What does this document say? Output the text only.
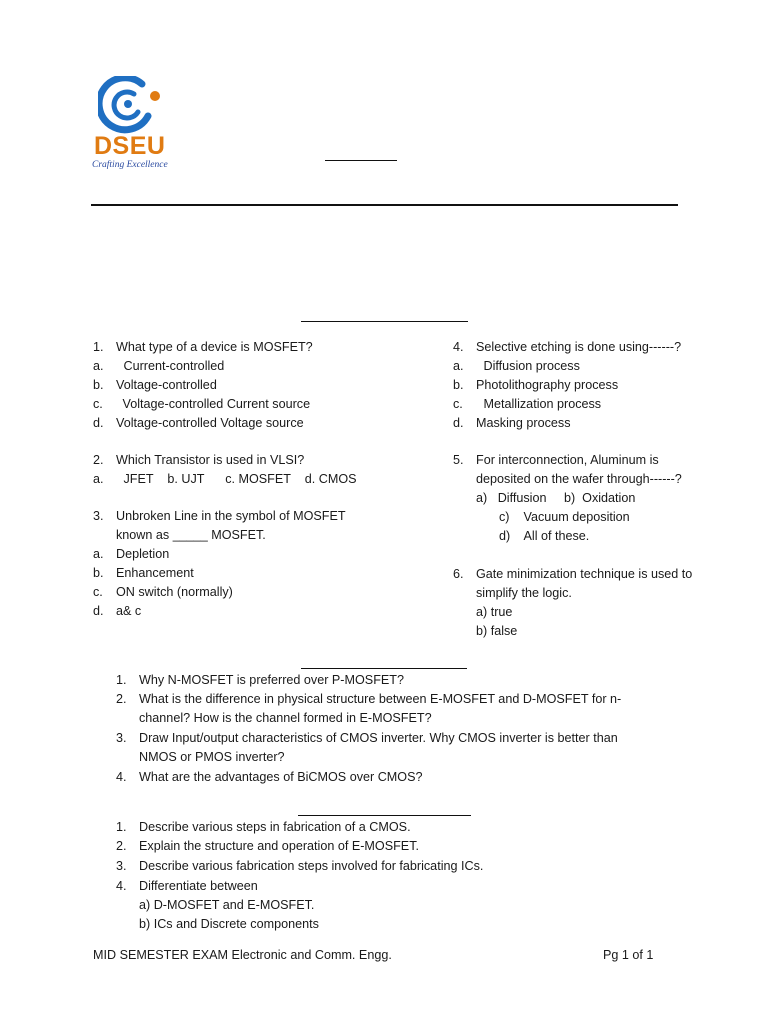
DSEU
Crafting Excellence
1. What type of a device is MOSFET?
a. Current-controlled
b. Voltage-controlled
c. Voltage-controlled Current source
d. Voltage-controlled Voltage source
2. Which Transistor is used in VLSI?
a. JFET    b. UJT      c. MOSFET    d. CMOS
3. Unbroken Line in the symbol of MOSFET
known as _____ MOSFET.
a. Depletion
b. Enhancement
c. ON switch (normally)
d. a& c
4. Selective etching is done using------?
a. Diffusion process
b. Photolithography process
c. Metallization process
d. Masking process
5. For interconnection, Aluminum is
deposited on the wafer through------?
a)   Diffusion     b)  Oxidation
c)    Vacuum deposition
d)    All of these.
6. Gate minimization technique is used to
simplify the logic.
a) true
b) false
1. Why N-MOSFET is preferred over P-MOSFET?
2. What is the difference in physical structure between E-MOSFET and D-MOSFET for n-
channel? How is the channel formed in E-MOSFET?
3. Draw Input/output characteristics of CMOS inverter. Why CMOS inverter is better than
NMOS or PMOS inverter?
4. What are the advantages of BiCMOS over CMOS?
1. Describe various steps in fabrication of a CMOS.
2. Explain the structure and operation of E-MOSFET.
3. Describe various fabrication steps involved for fabricating ICs.
4. Differentiate between
a) D-MOSFET and E-MOSFET.
b) ICs and Discrete components
MID SEMESTER EXAM Electronic and Comm. Engg.	Pg 1 of 1
